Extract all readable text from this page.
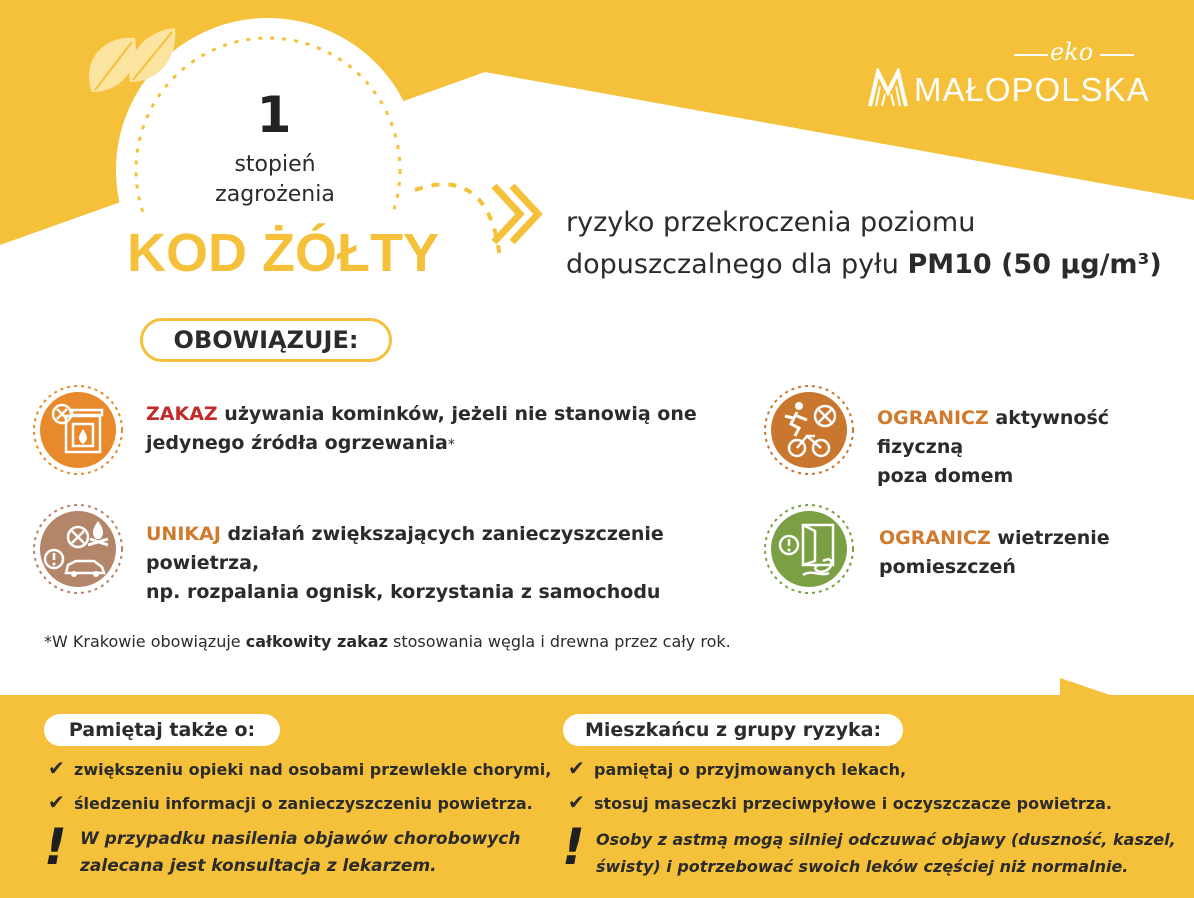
eko
MAŁOPOLSKA
1
stopień
zagrożenia
KOD ŻÓŁTY
ryzyko przekroczenia poziomu
dopuszczalnego dla pyłu PM10 (50 µg/m³)
OBOWIĄZUJE:
ZAKAZ używania kominków, jeżeli nie stanowią one
jedynego źródła ogrzewania*
OGRANICZ aktywność fizyczną
poza domem
UNIKAJ działań zwiększających zanieczyszczenie powietrza,
np. rozpalania ognisk, korzystania z samochodu
OGRANICZ wietrzenie
pomieszczeń
*W Krakowie obowiązuje całkowity zakaz stosowania węgla i drewna przez cały rok.
Pamiętaj także o:
✔ zwiększeniu opieki nad osobami przewlekle chorymi,
✔ śledzeniu informacji o zanieczyszczeniu powietrza.
! W przypadku nasilenia objawów chorobowych
zalecana jest konsultacja z lekarzem.
Mieszkańcu z grupy ryzyka:
✔ pamiętaj o przyjmowanych lekach,
✔ stosuj maseczki przeciwpyłowe i oczyszczacze powietrza.
! Osoby z astmą mogą silniej odczuwać objawy (duszność, kaszel,
świsty) i potrzebować swoich leków częściej niż normalnie.
